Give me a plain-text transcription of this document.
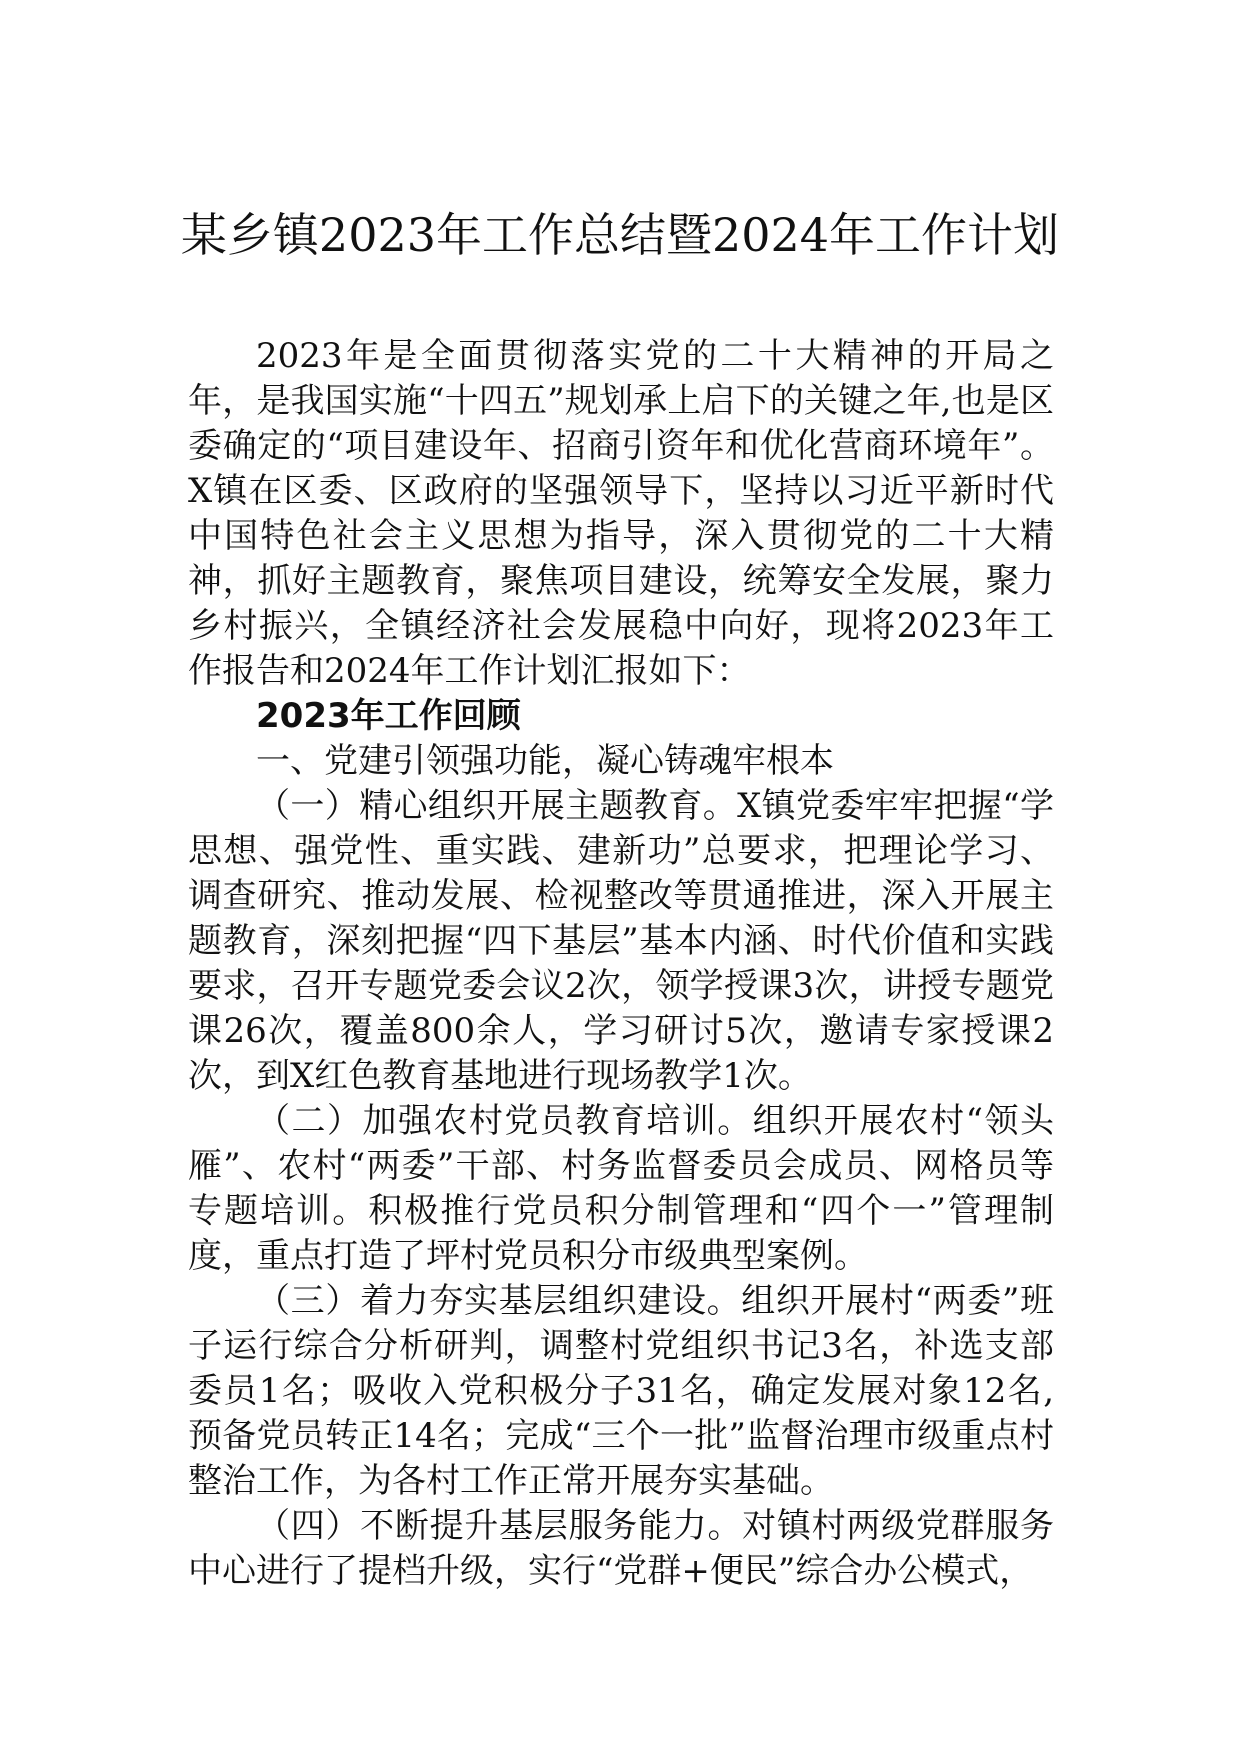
某乡镇2023年工作总结暨2024年工作计划

2023年是全面贯彻落实党的二十大精神的开局之年，是我国实施“十四五”规划承上启下的关键之年,也是区委确定的“项目建设年、招商引资年和优化营商环境年”。X镇在区委、区政府的坚强领导下，坚持以习近平新时代中国特色社会主义思想为指导，深入贯彻党的二十大精神，抓好主题教育，聚焦项目建设，统筹安全发展，聚力乡村振兴，全镇经济社会发展稳中向好，现将2023年工作报告和2024年工作计划汇报如下：

2023年工作回顾

一、党建引领强功能，凝心铸魂牢根本

（一）精心组织开展主题教育。X镇党委牢牢把握“学思想、强党性、重实践、建新功”总要求，把理论学习、调查研究、推动发展、检视整改等贯通推进，深入开展主题教育，深刻把握“四下基层”基本内涵、时代价值和实践要求，召开专题党委会议2次，领学授课3次，讲授专题党课26次，覆盖800余人，学习研讨5次，邀请专家授课2次，到X红色教育基地进行现场教学1次。

（二）加强农村党员教育培训。组织开展农村“领头雁”、农村“两委”干部、村务监督委员会成员、网格员等专题培训。积极推行党员积分制管理和“四个一”管理制度，重点打造了坪村党员积分市级典型案例。

（三）着力夯实基层组织建设。组织开展村“两委”班子运行综合分析研判，调整村党组织书记3名，补选支部委员1名；吸收入党积极分子31名，确定发展对象12名,预备党员转正14名；完成“三个一批”监督治理市级重点村整治工作，为各村工作正常开展夯实基础。

（四）不断提升基层服务能力。对镇村两级党群服务中心进行了提档升级，实行“党群+便民”综合办公模式，
